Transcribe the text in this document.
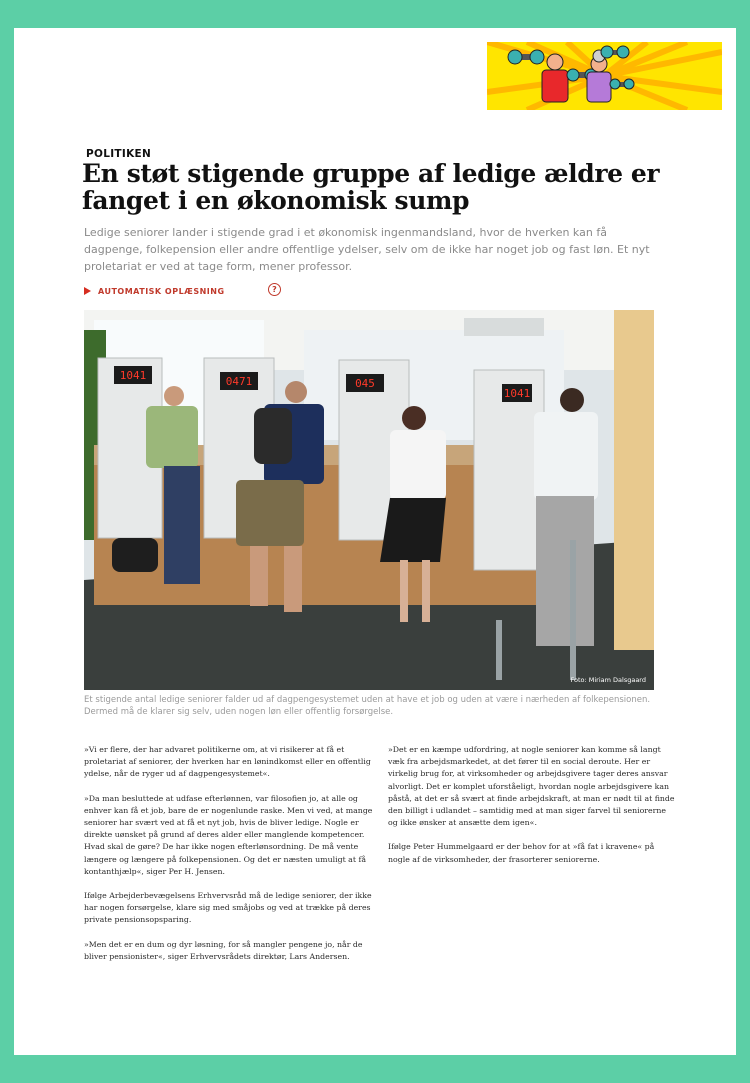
POLITIKEN
En støt stigende gruppe af ledige ældre er fanget i en økonomisk sump

Ledige seniorer lander i stigende grad i et økonomisk ingenmandsland, hvor de hverken kan få dagpenge, folkepension eller andre offentlige ydelser, selv om de ikke har noget job og fast løn. Et nyt proletariat er ved at tage form, mener professor.

AUTOMATISK OPLÆSNING	?
1041	0471	045
1041
Foto: Miriam Dalsgaard

Et stigende antal ledige seniorer falder ud af dagpengesystemet uden at have et job og uden at være i nærheden af folkepensionen. Dermed må de klarer sig selv, uden nogen løn eller offentlig forsørgelse.

»Vi er flere, der har advaret politikerne om, at vi risikerer at få et proletariat af seniorer, der hverken har en lønindkomst eller en offentlig ydelse, når de ryger ud af dagpengesystemet«.

»Da man besluttede at udfase efterlønnen, var filosofien jo, at alle og enhver kan få et job, bare de er nogenlunde raske. Men vi ved, at mange seniorer har svært ved at få et nyt job, hvis de bliver ledige. Nogle er direkte uønsket på grund af deres alder eller manglende kompetencer. Hvad skal de gøre? De har ikke nogen efterlønsordning. De må vente længere og længere på folkepensionen. Og det er næsten umuligt at få kontanthjælp«, siger Per H. Jensen.

Ifølge Arbejderbevægelsens Erhvervsråd må de ledige seniorer, der ikke har nogen forsørgelse, klare sig med småjobs og ved at trække på deres private pensionsopsparing.

»Men det er en dum og dyr løsning, for så mangler pengene jo, når de bliver pensionister«, siger Erhvervsrådets direktør, Lars Andersen.

»Det er en kæmpe udfordring, at nogle seniorer kan komme så langt væk fra arbejdsmarkedet, at det fører til en social deroute. Her er virkelig brug for, at virksomheder og arbejdsgivere tager deres ansvar alvorligt. Det er komplet uforståeligt, hvordan nogle arbejdsgivere kan påstå, at det er så svært at finde arbejdskraft, at man er nødt til at finde den billigt i udlandet – samtidig med at man siger farvel til seniorerne og ikke ønsker at ansætte dem igen«.

Ifølge Peter Hummelgaard er der behov for at »få fat i kravene« på nogle af de virksomheder, der frasorterer seniorerne.
